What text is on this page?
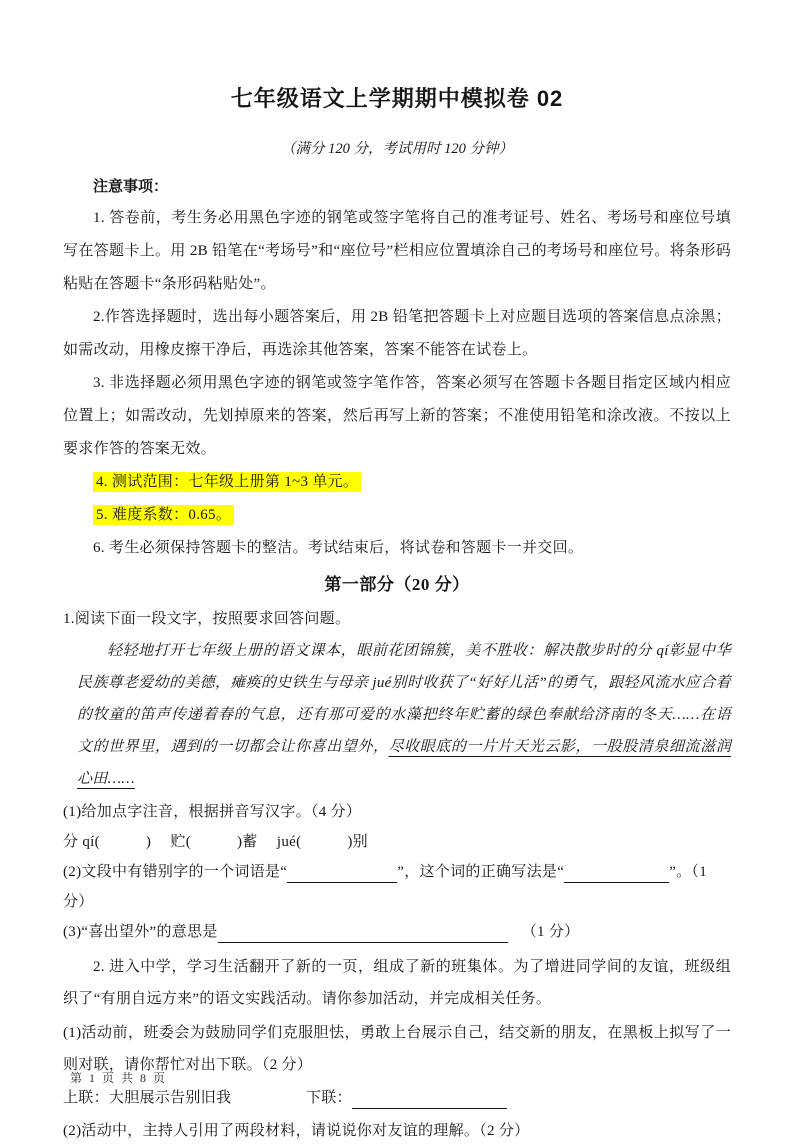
七年级语文上学期期中模拟卷 02

（满分 120 分，考试用时 120 分钟）

注意事项：

1. 答卷前，考生务必用黑色字迹的钢笔或签字笔将自己的准考证号、姓名、考场号和座位号填写在答题卡上。用 2B 铅笔在“考场号”和“座位号”栏相应位置填涂自己的考场号和座位号。将条形码粘贴在答题卡“条形码粘贴处”。

2.作答选择题时，选出每小题答案后，用 2B 铅笔把答题卡上对应题目选项的答案信息点涂黑；如需改动，用橡皮擦干净后，再选涂其他答案，答案不能答在试卷上。

3. 非选择题必须用黑色字迹的钢笔或签字笔作答，答案必须写在答题卡各题目指定区域内相应位置上；如需改动，先划掉原来的答案，然后再写上新的答案；不准使用铅笔和涂改液。不按以上要求作答的答案无效。

4. 测试范围：七年级上册第 1~3 单元。

5. 难度系数：0.65。

6. 考生必须保持答题卡的整洁。考试结束后，将试卷和答题卡一并交回。

第一部分（20 分）

1.阅读下面一段文字，按照要求回答问题。

轻轻地打开七年级上册的语文课本，眼前花团锦簇，美不胜收：解决散步时的分 qí彰显中华民族尊老爱幼的美德，瘫痪的史铁生与母亲 jué别时收获了“好好儿活”的勇气，跟轻风流水应合着的牧童的笛声传递着春的气息，还有那可爱的水藻把终年贮蓄的绿色奉献给济南的冬天……在语文的世界里，遇到的一切都会让你喜出望外，尽收眼底的一片片天光云影，一股股清泉细流滋润心田……

(1)给加点字注音，根据拼音写汉字。（4 分）

分 qí(　　　)　 贮(　　　)蓄　 jué(　　　)别

(2)文段中有错别字的一个词语是“	”，这个词的正确写法是“	”。（1 分）

(3)“喜出望外”的意思是	（1 分）

2. 进入中学，学习生活翻开了新的一页，组成了新的班集体。为了增进同学间的友谊，班级组织了“有朋自远方来”的语文实践活动。请你参加活动，并完成相关任务。

(1)活动前，班委会为鼓励同学们克服胆怯，勇敢上台展示自己，结交新的朋友，在黑板上拟写了一则对联，请你帮忙对出下联。（2 分）

上联：大胆展示告别旧我	下联：

(2)活动中，主持人引用了两段材料，请说说你对友谊的理解。（2 分）

第 1 页 共 8 页
